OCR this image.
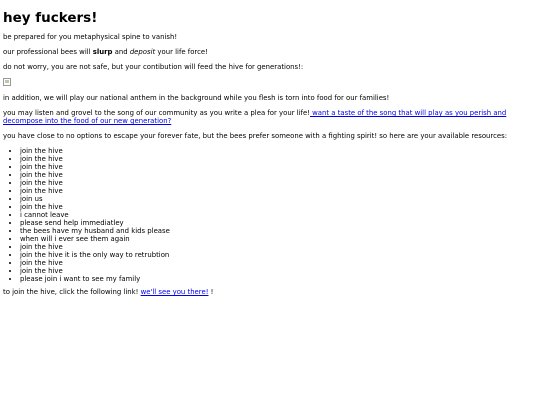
hey fuckers!

be prepared for you metaphysical spine to vanish!

our professional bees will slurp and deposit your life force!

do not worry, you are not safe, but your contibution will feed the hive for generations!:

in addition, we will play our national anthem in the background while you flesh is torn into food for our families!

you may listen and grovel to the song of our community as you write a plea for your life! want a taste of the song that will play as you perish and decompose into the food of our new generation?

you have close to no options to escape your forever fate, but the bees prefer someone with a fighting spirit! so here are your available resources:

• join the hive
• join the hive
• join the hive
• join the hive
• join the hive
• join the hive
• join us
• join the hive
• i cannot leave
• please send help immediatley
• the bees have my husband and kids please
• when will i ever see them again
• join the hive
• join the hive it is the only way to retrubtion
• join the hive
• join the hive
• please join i want to see my family

to join the hive, click the following link! we'll see you there! !
